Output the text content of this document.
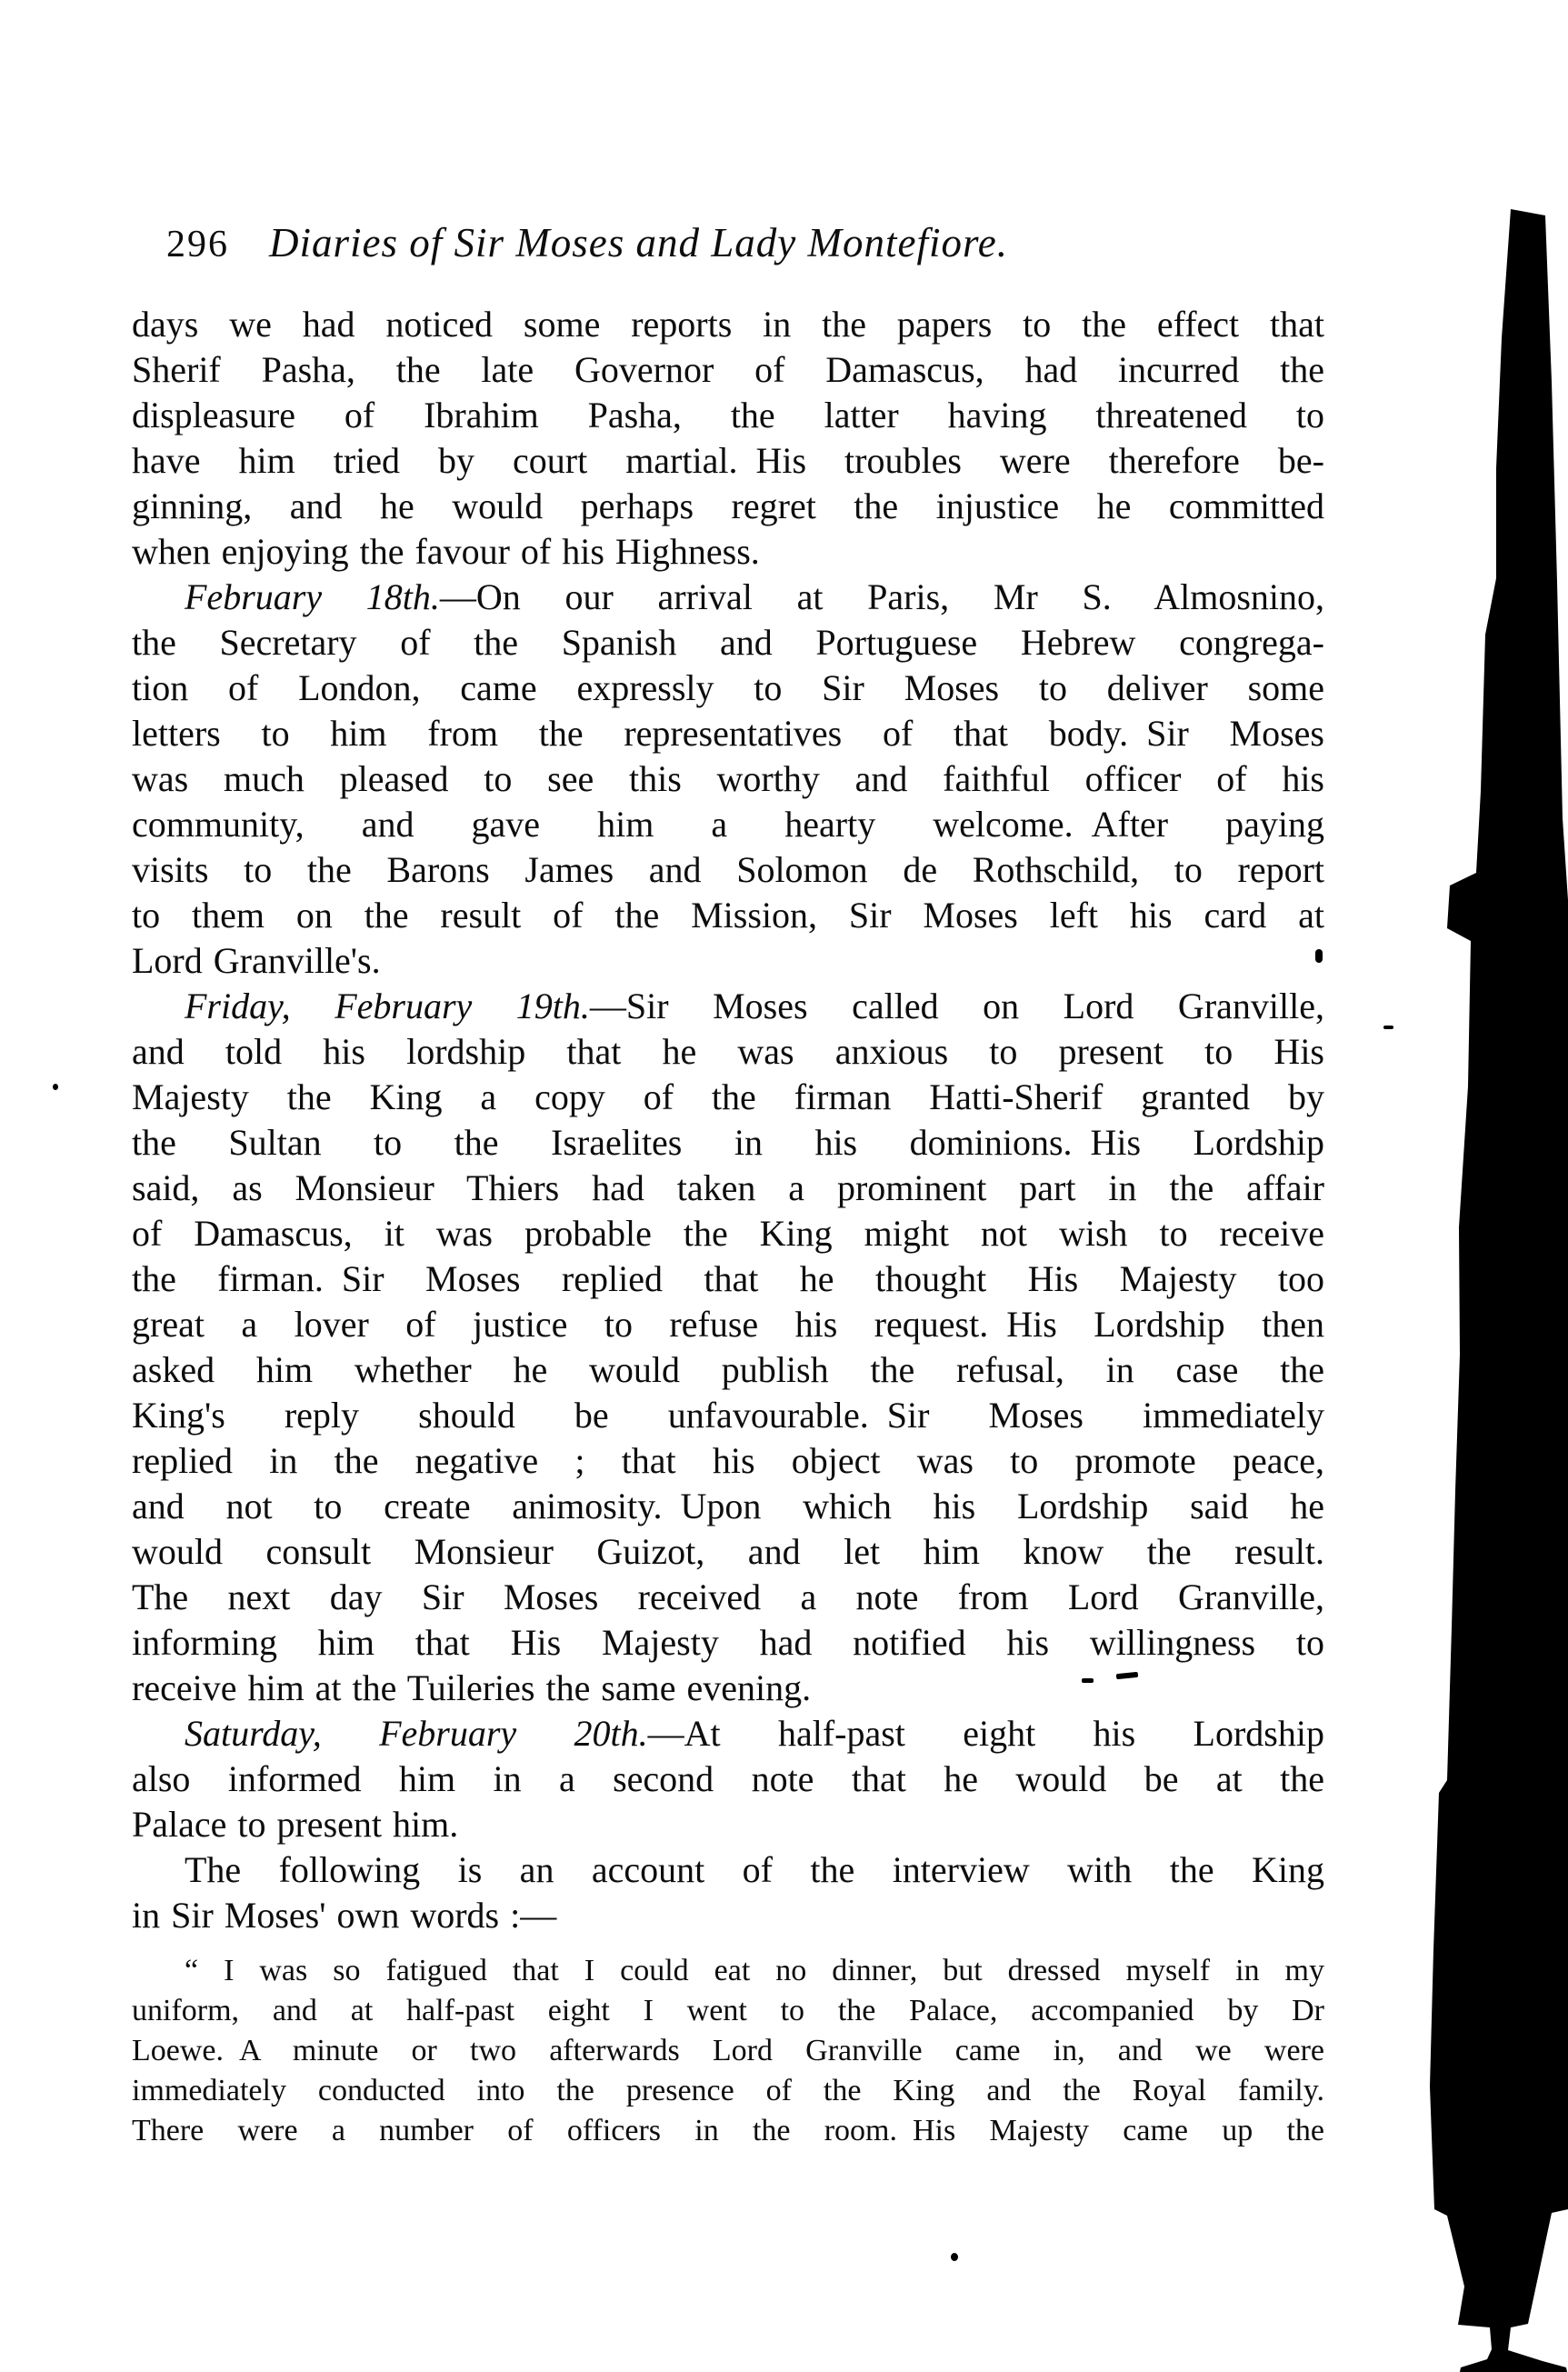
296 Diaries of Sir Moses and Lady Montefiore.
days we had noticed some reports in the papers to the effect that
Sherif Pasha, the late Governor of Damascus, had incurred the
displeasure of Ibrahim Pasha, the latter having threatened to
have him tried by court martial. His troubles were therefore be-
ginning, and he would perhaps regret the injustice he committed
when enjoying the favour of his Highness.
February 18th.—On our arrival at Paris, Mr S. Almosnino,
the Secretary of the Spanish and Portuguese Hebrew congrega-
tion of London, came expressly to Sir Moses to deliver some
letters to him from the representatives of that body. Sir Moses
was much pleased to see this worthy and faithful officer of his
community, and gave him a hearty welcome. After paying
visits to the Barons James and Solomon de Rothschild, to report
to them on the result of the Mission, Sir Moses left his card at
Lord Granville's.
Friday, February 19th.—Sir Moses called on Lord Granville,
and told his lordship that he was anxious to present to His
Majesty the King a copy of the firman Hatti-Sherif granted by
the Sultan to the Israelites in his dominions. His Lordship
said, as Monsieur Thiers had taken a prominent part in the affair
of Damascus, it was probable the King might not wish to receive
the firman. Sir Moses replied that he thought His Majesty too
great a lover of justice to refuse his request. His Lordship then
asked him whether he would publish the refusal, in case the
King's reply should be unfavourable. Sir Moses immediately
replied in the negative ; that his object was to promote peace,
and not to create animosity. Upon which his Lordship said he
would consult Monsieur Guizot, and let him know the result.
The next day Sir Moses received a note from Lord Granville,
informing him that His Majesty had notified his willingness to
receive him at the Tuileries the same evening.
Saturday, February 20th.—At half-past eight his Lordship
also informed him in a second note that he would be at the
Palace to present him.
The following is an account of the interview with the King
in Sir Moses' own words :—
“ I was so fatigued that I could eat no dinner, but dressed myself in my
uniform, and at half-past eight I went to the Palace, accompanied by Dr
Loewe. A minute or two afterwards Lord Granville came in, and we were
immediately conducted into the presence of the King and the Royal family.
There were a number of officers in the room. His Majesty came up the
